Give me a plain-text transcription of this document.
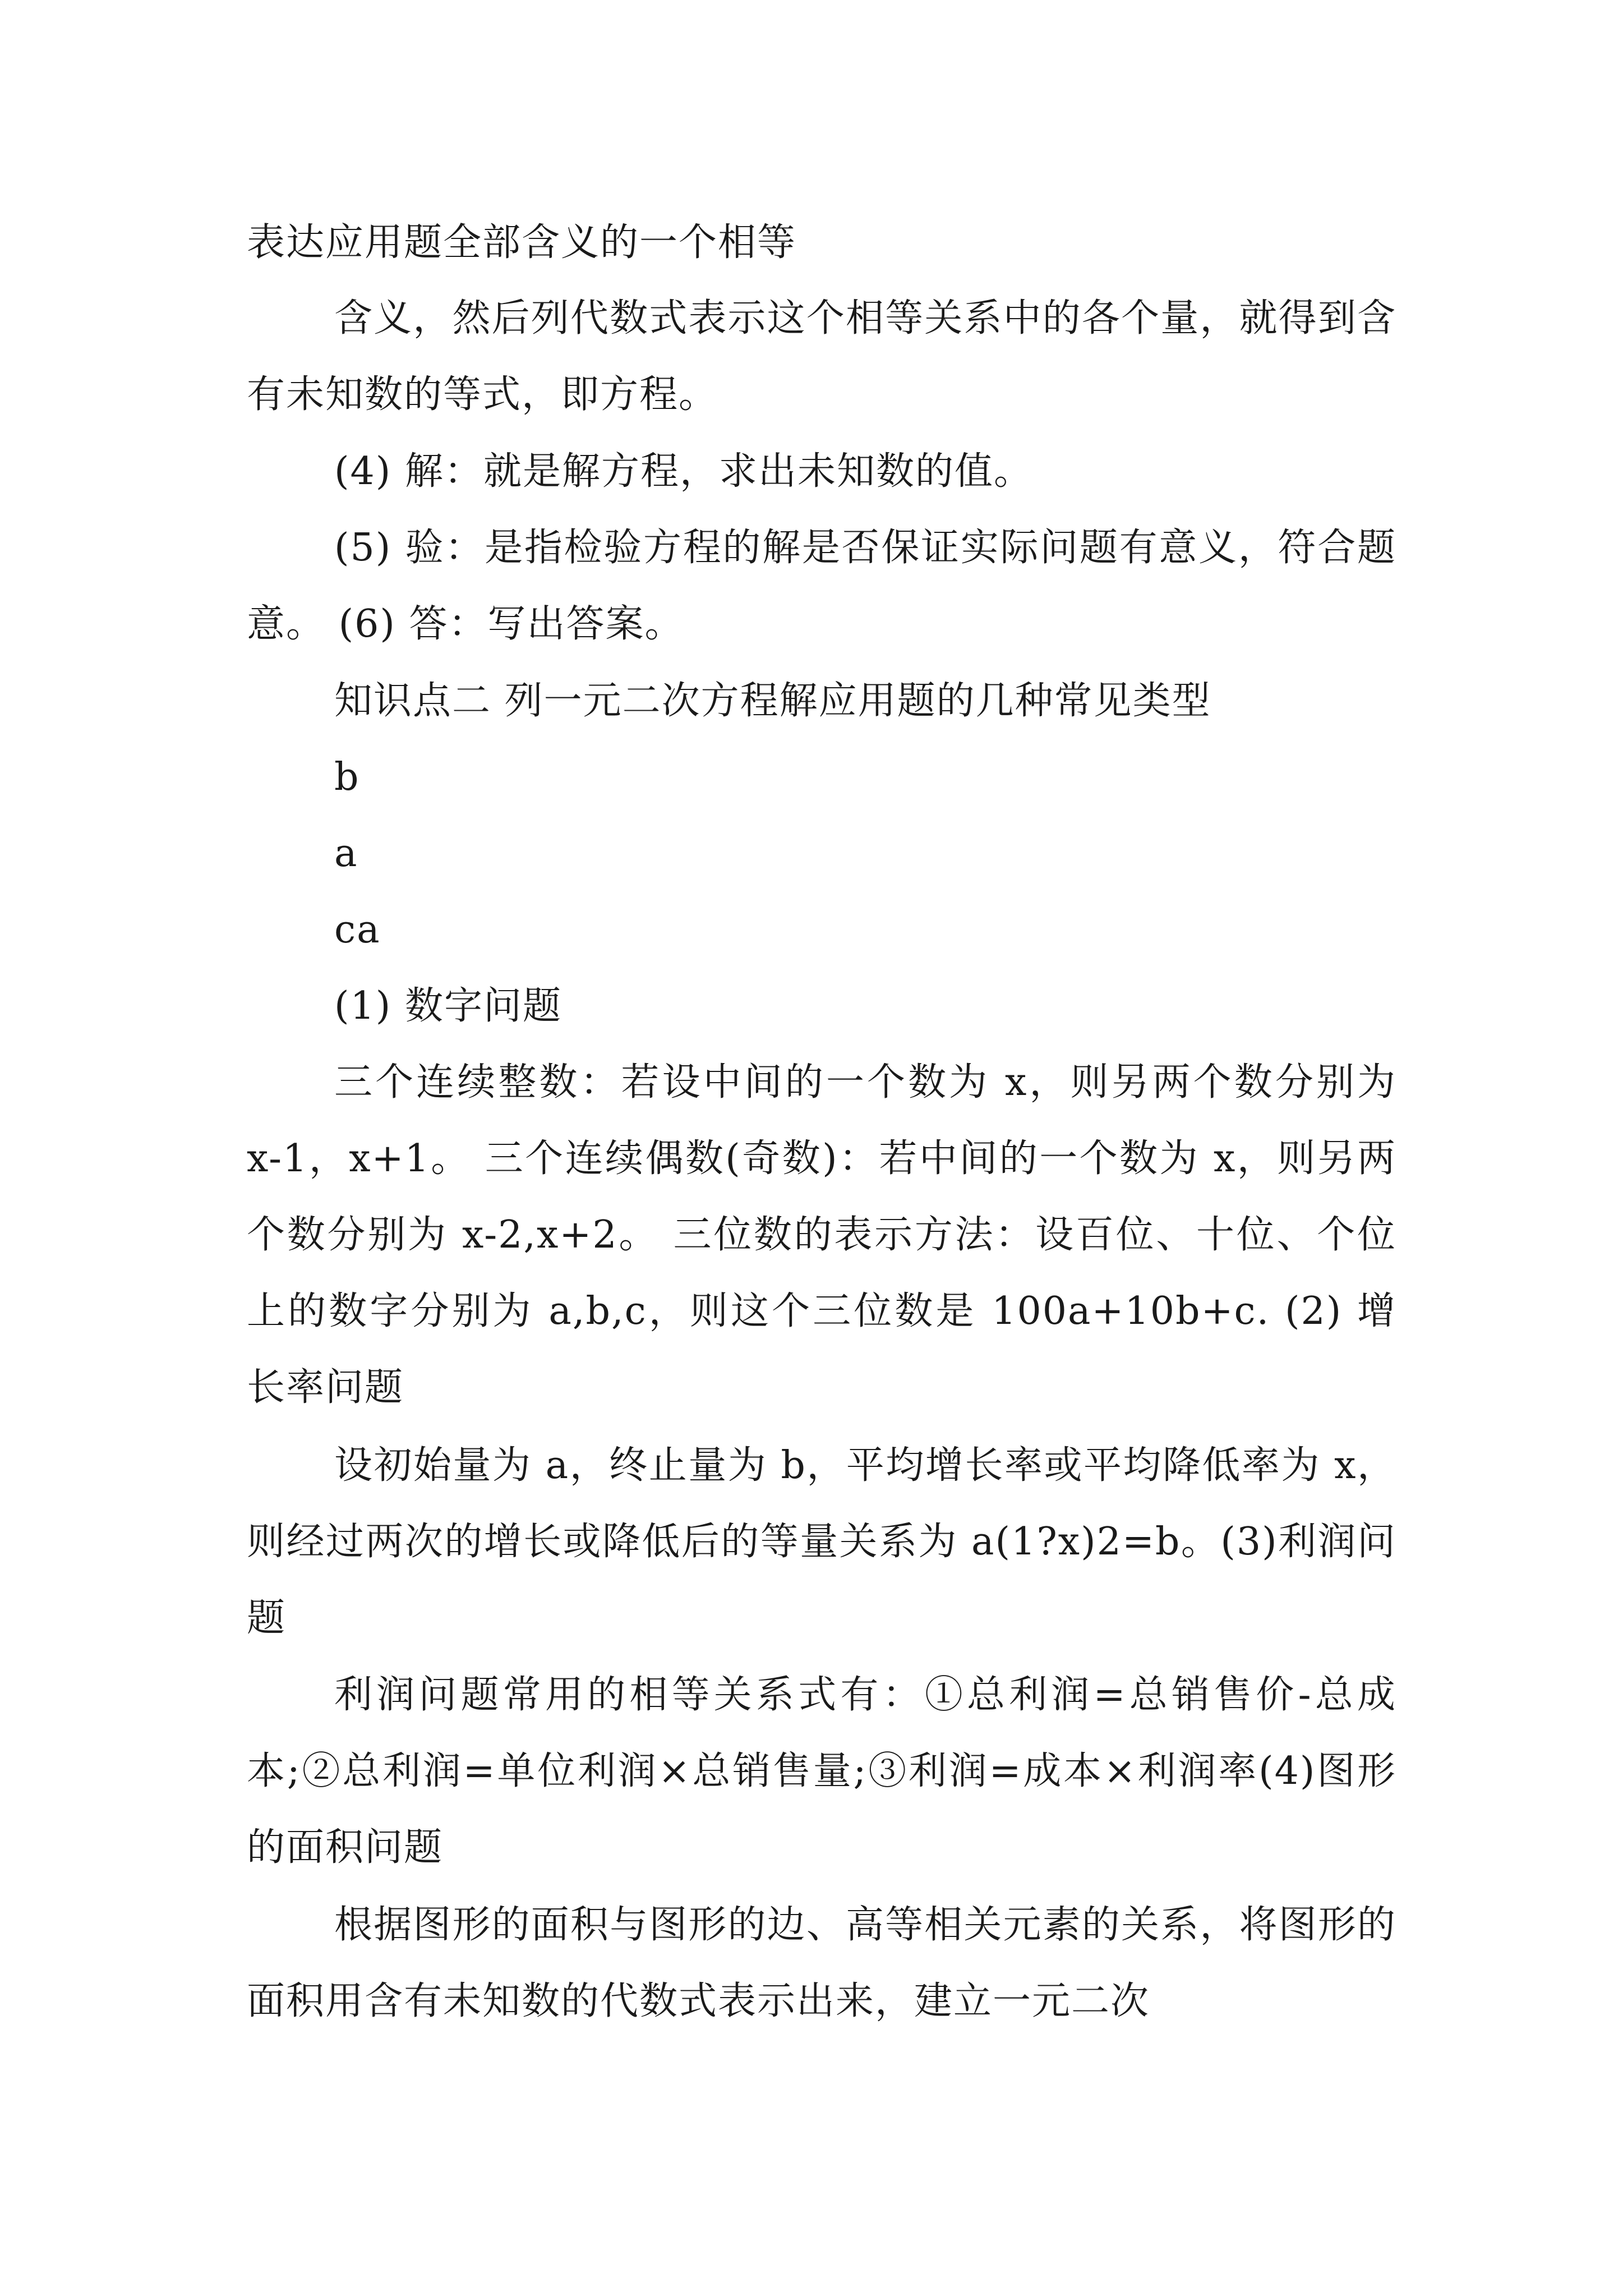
表达应用题全部含义的一个相等

含义，然后列代数式表示这个相等关系中的各个量，就得到含有未知数的等式，即方程。

(4) 解：就是解方程，求出未知数的值。

(5) 验：是指检验方程的解是否保证实际问题有意义，符合题意。 (6) 答：写出答案。

知识点二 列一元二次方程解应用题的几种常见类型

b

a

ca

(1) 数字问题

三个连续整数：若设中间的一个数为 x，则另两个数分别为 x-1，x+1。 三个连续偶数(奇数)：若中间的一个数为 x，则另两个数分别为 x-2,x+2。 三位数的表示方法：设百位、十位、个位上的数字分别为 a,b,c，则这个三位数是 100a+10b+c. (2) 增长率问题

设初始量为 a，终止量为 b，平均增长率或平均降低率为 x，则经过两次的增长或降低后的等量关系为 a(1?x)2=b。(3)利润问题

利润问题常用的相等关系式有：①总利润=总销售价-总成本;②总利润=单位利润×总销售量;③利润=成本×利润率(4)图形的面积问题

根据图形的面积与图形的边、高等相关元素的关系，将图形的面积用含有未知数的代数式表示出来，建立一元二次
